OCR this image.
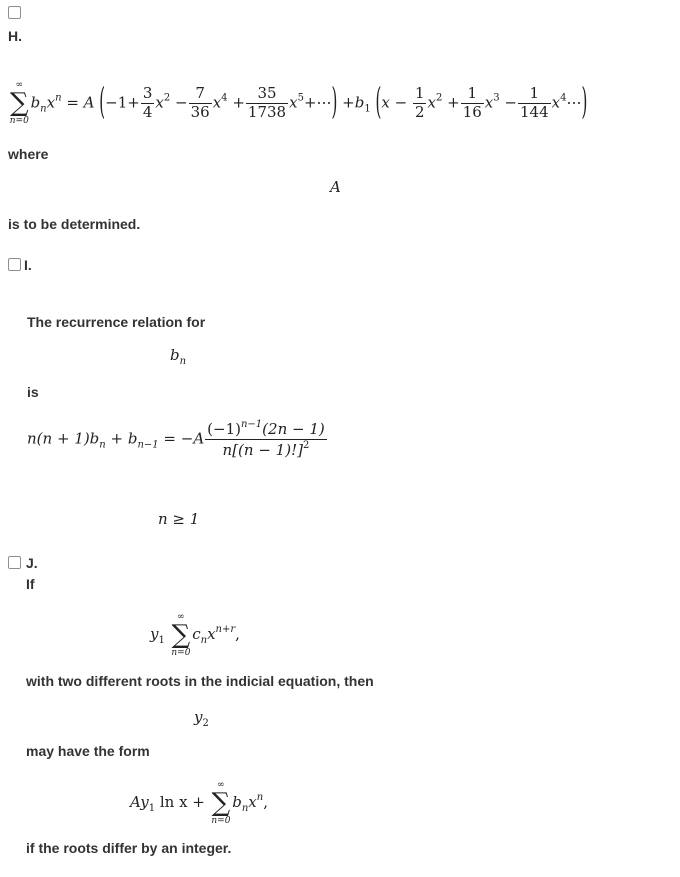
H.
∑
∞
n=0
$b_nx^n = A$ ($-1+ \frac{3}{4} x^2 - \frac{7}{36} x^4 + \frac{35}{1738}$ $x^5+\cdots) +b_1$ ($x - \frac{1}{2} x^2 + \frac{1}{16} x^3 - \frac{1}{144}$ $x^4\cdots$)
where
A
is to be determined.
I.
The recurrence relation for
$b_n$
is
$n(n + 1)b_n + b_{n-1} = -A \frac{(-1)^{n-1}(2n - 1)}{n[(n - 1)!]^2}$
n ≥ 1
J.
If
$y_1$ ∑
∞
n=0
$c_nx^{n+r}$,
with two different roots in the indicial equation, then
$y_2$
may have the form
$Ay_1$ ln x + ∑
∞
n=0
$b_nx^n$,
if the roots differ by an integer.
